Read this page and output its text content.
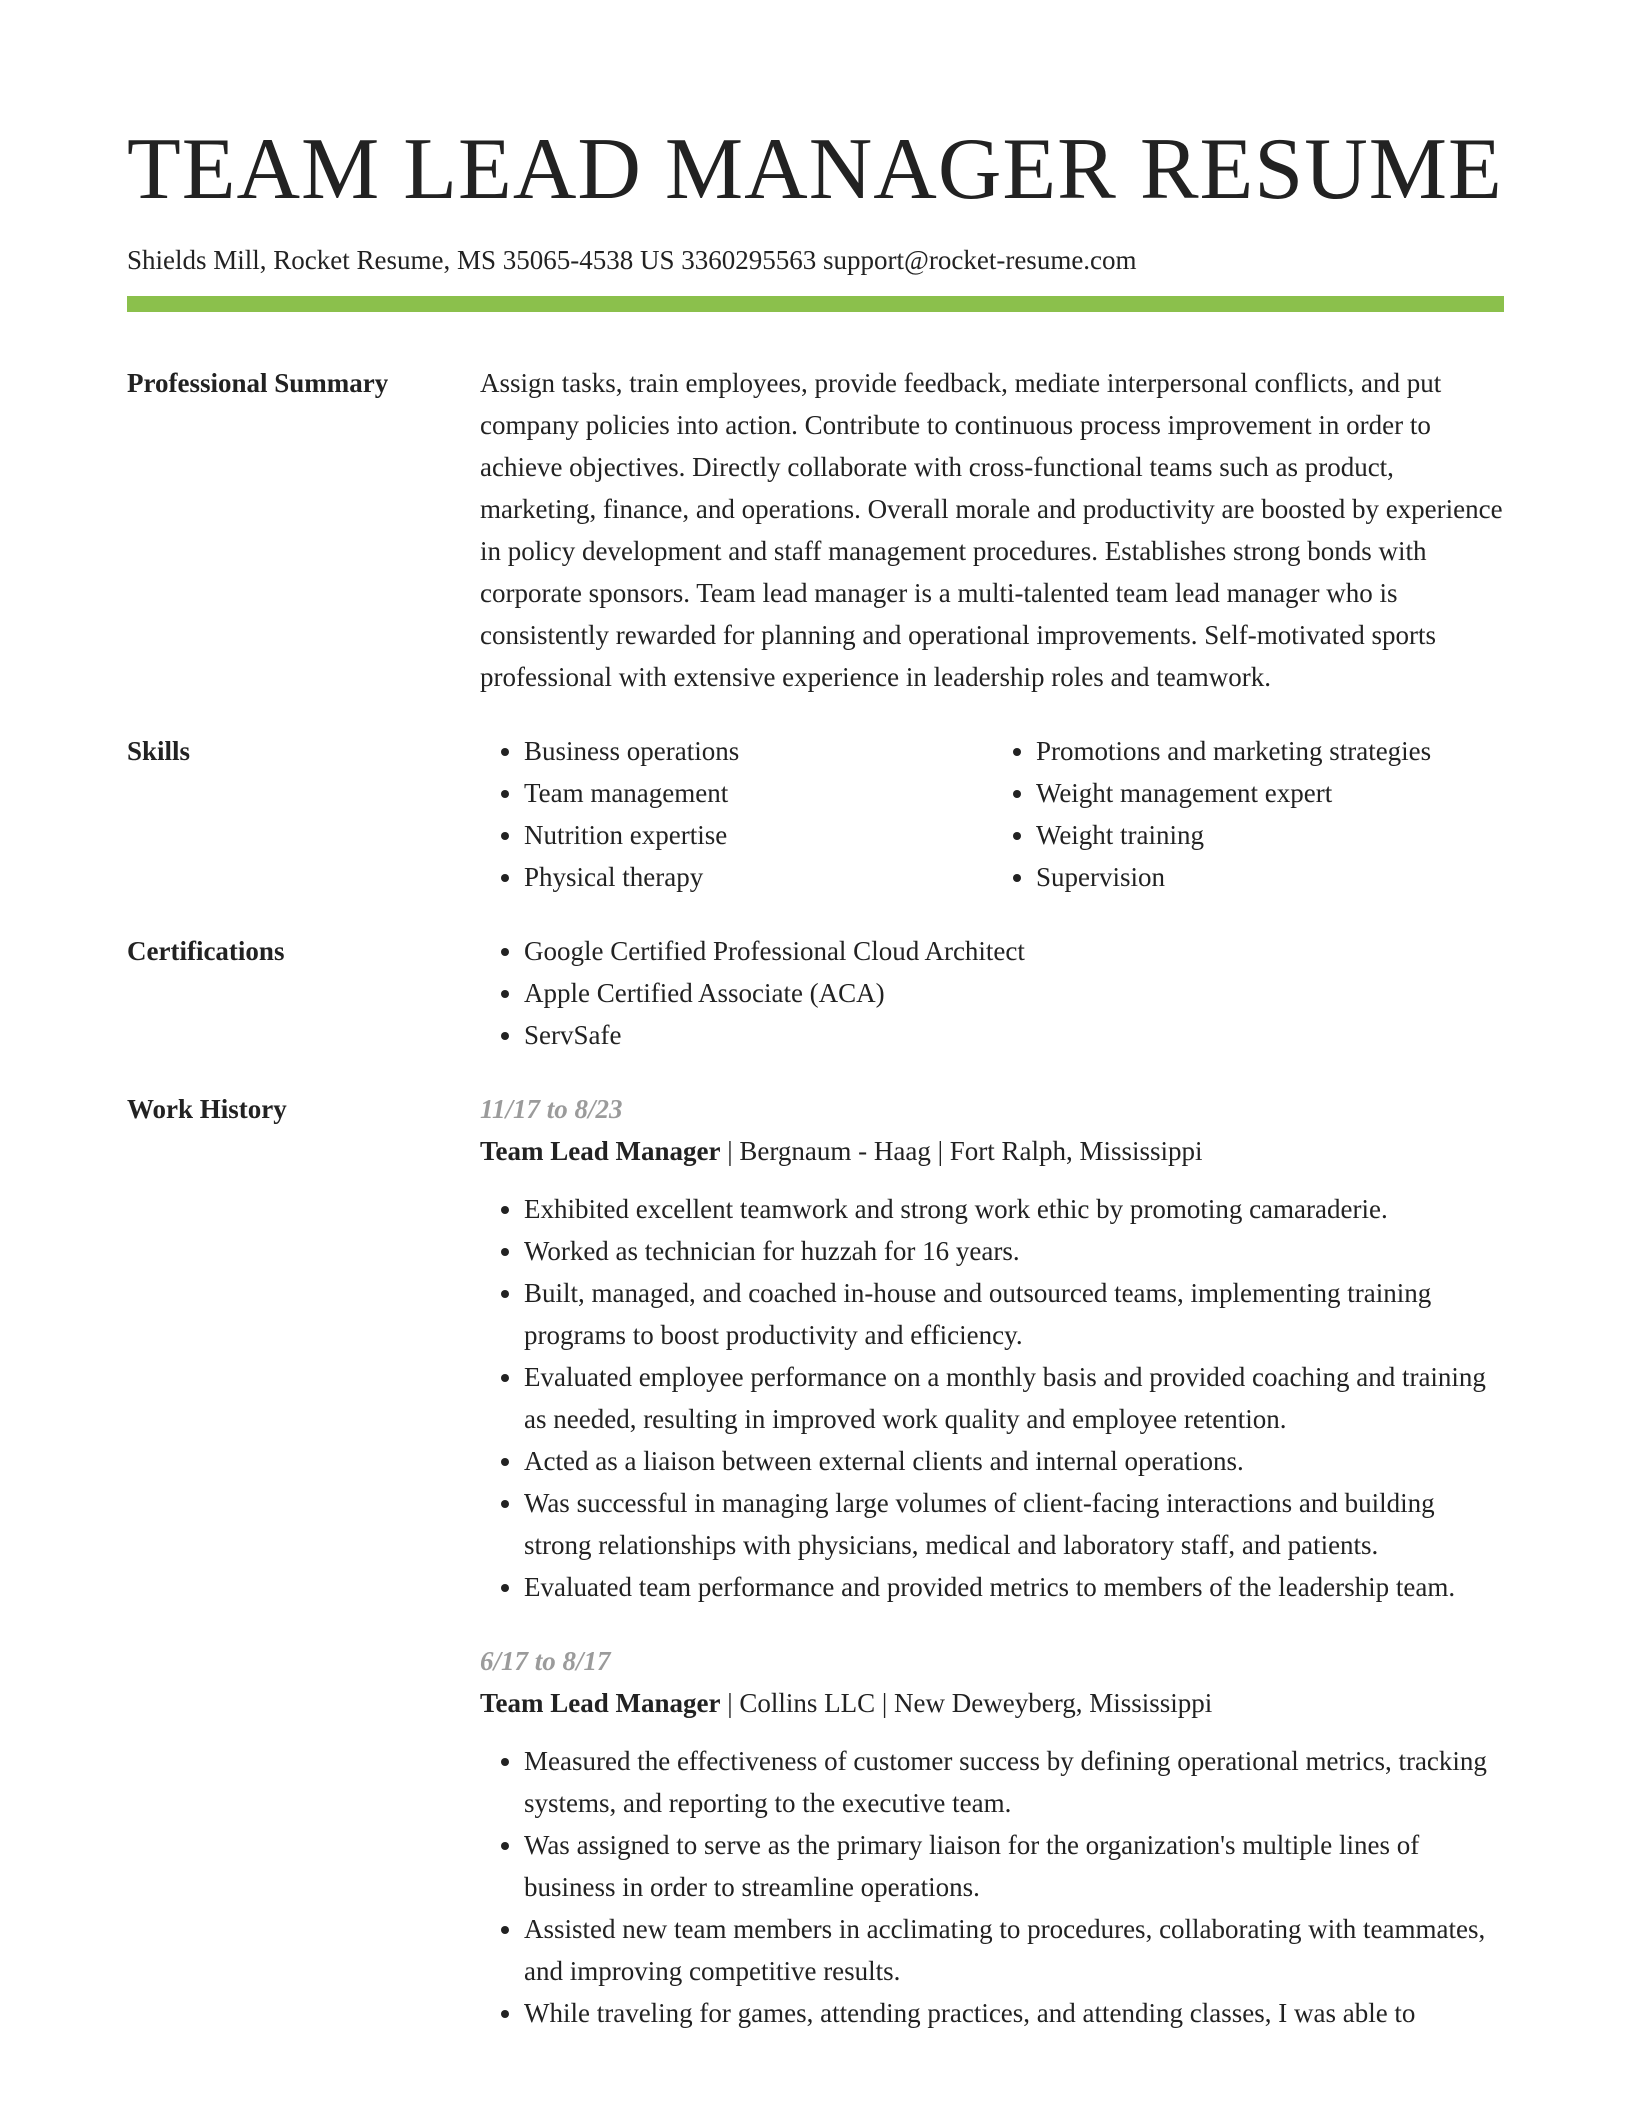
TEAM LEAD MANAGER RESUME
Shields Mill, Rocket Resume, MS 35065-4538 US 3360295563 support@rocket-resume.com
Professional Summary	Assign tasks, train employees, provide feedback, mediate interpersonal conflicts, and put company policies into action. Contribute to continuous process improvement in order to achieve objectives. Directly collaborate with cross-functional teams such as product, marketing, finance, and operations. Overall morale and productivity are boosted by experience in policy development and staff management procedures. Establishes strong bonds with corporate sponsors. Team lead manager is a multi-talented team lead manager who is consistently rewarded for planning and operational improvements. Self-motivated sports professional with extensive experience in leadership roles and teamwork.

Skills	• Business operations
• Team management
• Nutrition expertise
• Physical therapy
• Promotions and marketing strategies
• Weight management expert
• Weight training
• Supervision
Certifications	• Google Certified Professional Cloud Architect
• Apple Certified Associate (ACA)
• ServSafe
Work History	11/17 to 8/23
Team Lead Manager | Bergnaum - Haag | Fort Ralph, Mississippi
• Exhibited excellent teamwork and strong work ethic by promoting camaraderie.
• Worked as technician for huzzah for 16 years.
• Built, managed, and coached in-house and outsourced teams, implementing training programs to boost productivity and efficiency.
• Evaluated employee performance on a monthly basis and provided coaching and training as needed, resulting in improved work quality and employee retention.
• Acted as a liaison between external clients and internal operations.
• Was successful in managing large volumes of client-facing interactions and building strong relationships with physicians, medical and laboratory staff, and patients.
• Evaluated team performance and provided metrics to members of the leadership team.
6/17 to 8/17
Team Lead Manager | Collins LLC | New Deweyberg, Mississippi
• Measured the effectiveness of customer success by defining operational metrics, tracking systems, and reporting to the executive team.
• Was assigned to serve as the primary liaison for the organization's multiple lines of business in order to streamline operations.
• Assisted new team members in acclimating to procedures, collaborating with teammates, and improving competitive results.
• While traveling for games, attending practices, and attending classes, I was able to
